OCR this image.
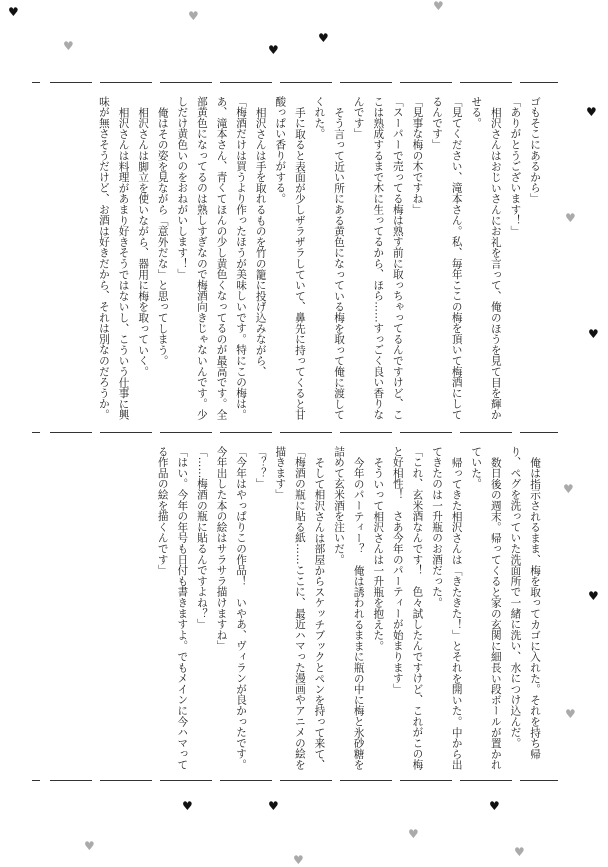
♥
♥
♥
♥
♥
♥
♥
♥
♥
♥
♥
♥
♥	♥
♥
♥
♥
♥
♥

ゴもそこにあるから」

「ありがとうございます！」

相沢さんはおじいさんにお礼を言って、俺のほうを見て目を輝かせる。

「見てください、滝本さん。私、毎年ここの梅を頂いて梅酒にしてるんです」

「見事な梅の木ですね」

「スーパーで売ってる梅は熟す前に取っちゃってるんですけど、ここは熟成するまで木に生ってるから、ほら……すっごく良い香りなんです」

そう言って近い所にある黄色になっている梅を取って俺に渡してくれた。

手に取ると表面が少しザラザラしていて、鼻先に持ってくると甘酸っぱい香りがする。

相沢さんは手を取れるものを竹の籠に投げ込みながら、

「梅酒だけは買うより作ったほうが美味しいです。特にこの梅は。あ、滝本さん、青くてほんの少し黄色くなってるのが最高です。全部黄色になってるのは熟しすぎなので梅酒向きじゃないんです。少しだけ黄色いのをおねがいします！」

俺はその姿を見ながら「意外だな」と思ってしまう。

相沢さんは脚立を使いながら、器用に梅を取っていく。

相沢さんは料理があまり好きそうではないし、こういう仕事に興味が無さそうだけど、お酒は好きだから、それは別なのだろうか。

俺は指示されるまま、梅を取ってカゴに入れた。それを持ち帰り、ペグを洗っていた洗面所で一緒に洗い、水につけ込んだ。

数日後の週末。帰ってくると家の玄関に細長い段ボールが置かれていた。

帰ってきた相沢さんは「きたきた！」とそれを開いた。中から出てきたのは一升瓶のお酒だった。

「これ、玄米酒なんです！　色々試したんですけど、これがこの梅と好相性！　さあ今年のパーティーが始まります」

そういって相沢さんは一升瓶を抱えた。

今年のパーティー？　俺は誘われるままに瓶の中に梅と氷砂糖を詰めて玄米酒を注いだ。

そして相沢さんは部屋からスケッチブックとペンを持って来て、

「梅酒の瓶に貼る紙……ここに、最近ハマった漫画やアニメの絵を描きます」

「？？」

「今年はやっぱりこの作品！　いやあ、ヴィランが良かったです。今年出した本の絵はサラサラ描けますね」

「……梅酒の瓶に貼るんですよね？」

「はい。今年の年号も日付も書きますよ。でもメインに今ハマってる作品の絵を描くんです」
